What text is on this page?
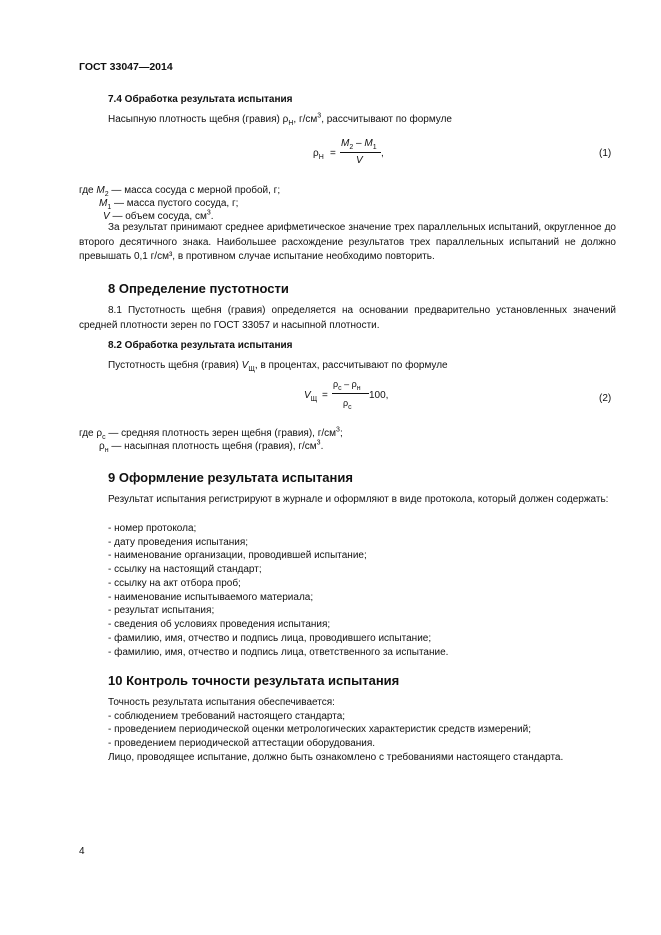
ГОСТ 33047—2014
7.4 Обработка результата испытания
Насыпную плотность щебня (гравия) $\rho_Н$, $г/см^3$, рассчитывают по формуле
$\rho_Н$ =
$M_2 - M_1$
V
,	(1)
где $M_2$ — масса сосуда с мерной пробой, г;
$M_1$ — масса пустого сосуда, г;
V — объем сосуда, $см^3$.
За результат принимают среднее арифметическое значение трех параллельных испытаний, округленное до второго десятичного знака. Наибольшее расхождение результатов трех параллельных испытаний не должно превышать 0,1 г/см³, в противном случае испытание необходимо повторить.
8 Определение пустотности
8.1 Пустотность щебня (гравия) определяется на основании предварительно установленных значений средней плотности зерен по ГОСТ 33057 и насыпной плотности.
8.2 Обработка результата испытания
Пустотность щебня (гравия) $V_Щ$, в процентах, рассчитывают по формуле
$V_Щ$ =
$\rho_с - \rho_н$
$\rho_с$
100,	(2)
где $\rho_с$ — средняя плотность зерен щебня (гравия), $г/см^3$;
$\rho_н$ — насыпная плотность щебня (гравия), $г/см^3$.
9 Оформление результата испытания
Результат испытания регистрируют в журнале и оформляют в виде протокола, который должен содержать:
- номер протокола;
- дату проведения испытания;
- наименование организации, проводившей испытание;
- ссылку на настоящий стандарт;
- ссылку на акт отбора проб;
- наименование испытываемого материала;
- результат испытания;
- сведения об условиях проведения испытания;
- фамилию, имя, отчество и подпись лица, проводившего испытание;
- фамилию, имя, отчество и подпись лица, ответственного за испытание.
10 Контроль точности результата испытания
Точность результата испытания обеспечивается:
- соблюдением требований настоящего стандарта;
- проведением периодической оценки метрологических характеристик средств измерений;
- проведением периодической аттестации оборудования.
Лицо, проводящее испытание, должно быть ознакомлено с требованиями настоящего стандарта.
4
